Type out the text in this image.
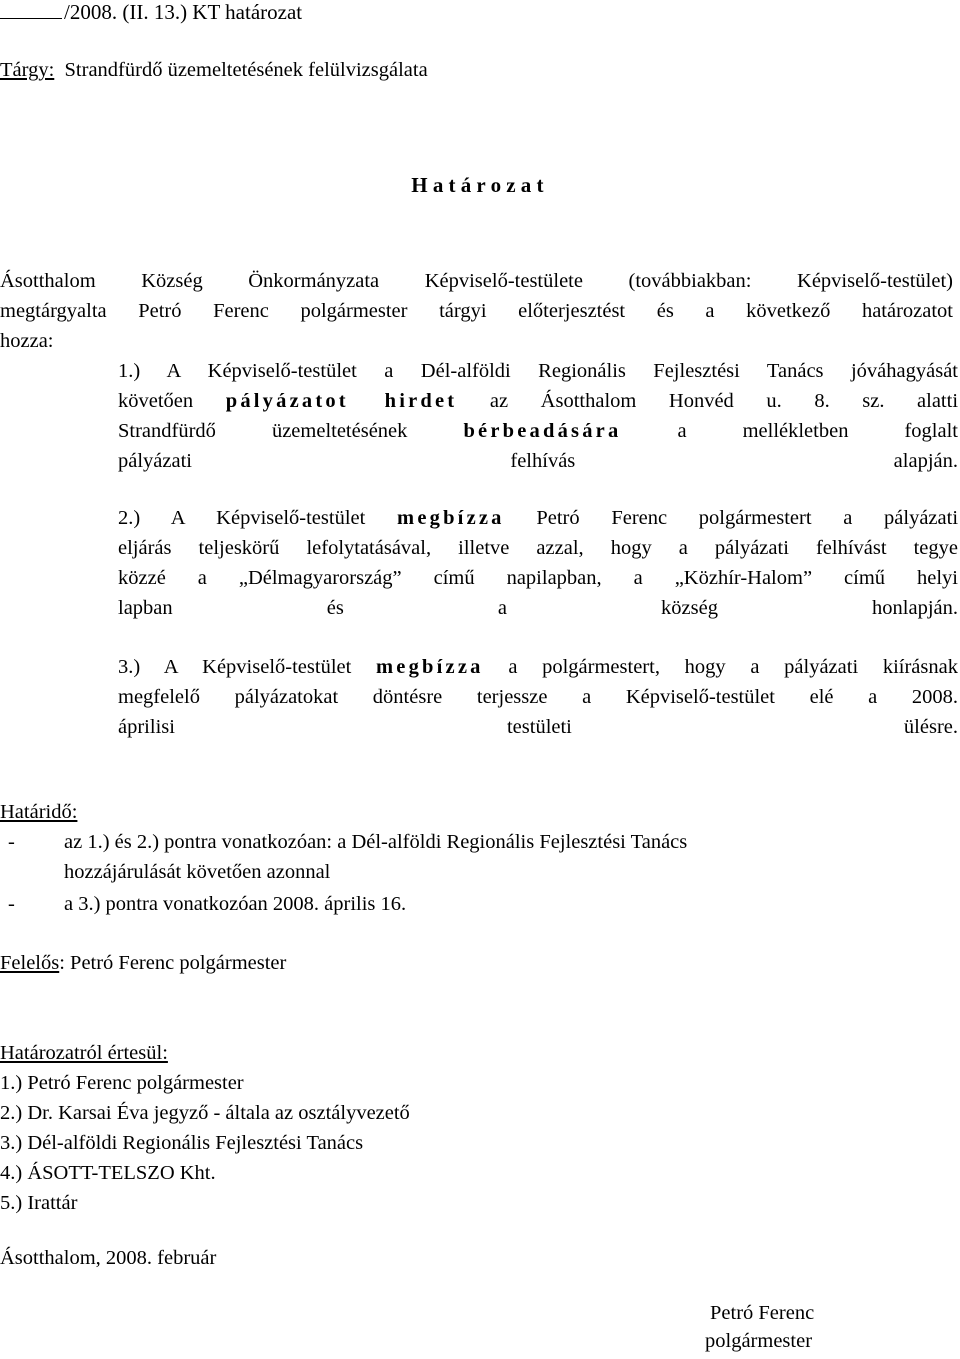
/2008. (II. 13.) KT határozat
Tárgy: Strandfürdő üzemeltetésének felülvizsgálata
Határozat
Ásotthalom Község Önkormányzata Képviselő-testülete (továbbiakban: Képviselő-testület)
megtárgyalta Petró Ferenc polgármester tárgyi előterjesztést és a következő határozatot
hozza:
1.) A Képviselő-testület a Dél-alföldi Regionális Fejlesztési Tanács jóváhagyását
követően pályázatot hirdet az Ásotthalom Honvéd u. 8. sz. alatti
Strandfürdő üzemeltetésének	bérbeadására	a mellékletben foglalt
pályázati felhívás alapján.
2.) A Képviselő-testület megbízza Petró Ferenc polgármestert a pályázati
eljárás teljeskörű lefolytatásával, illetve azzal, hogy a pályázati felhívást tegye
közzé a „Délmagyarország” című napilapban, a „Közhír-Halom” című helyi
lapban és a község honlapján.
3.) A Képviselő-testület megbízza a polgármestert, hogy a pályázati kiírásnak
megfelelő pályázatokat döntésre terjessze a Képviselő-testület elé a 2008.
áprilisi testületi ülésre.
Határidő:
- az 1.) és 2.) pontra vonatkozóan: a Dél-alföldi Regionális Fejlesztési Tanács
hozzájárulását követően azonnal
- a 3.) pontra vonatkozóan 2008. április 16.
Felelős: Petró Ferenc polgármester
Határozatról értesül:
1.) Petró Ferenc polgármester
2.) Dr. Karsai Éva jegyző - általa az osztályvezető
3.) Dél-alföldi Regionális Fejlesztési Tanács
4.) ÁSOTT-TELSZO Kht.
5.) Irattár
Ásotthalom, 2008. február
Petró Ferenc
polgármester
